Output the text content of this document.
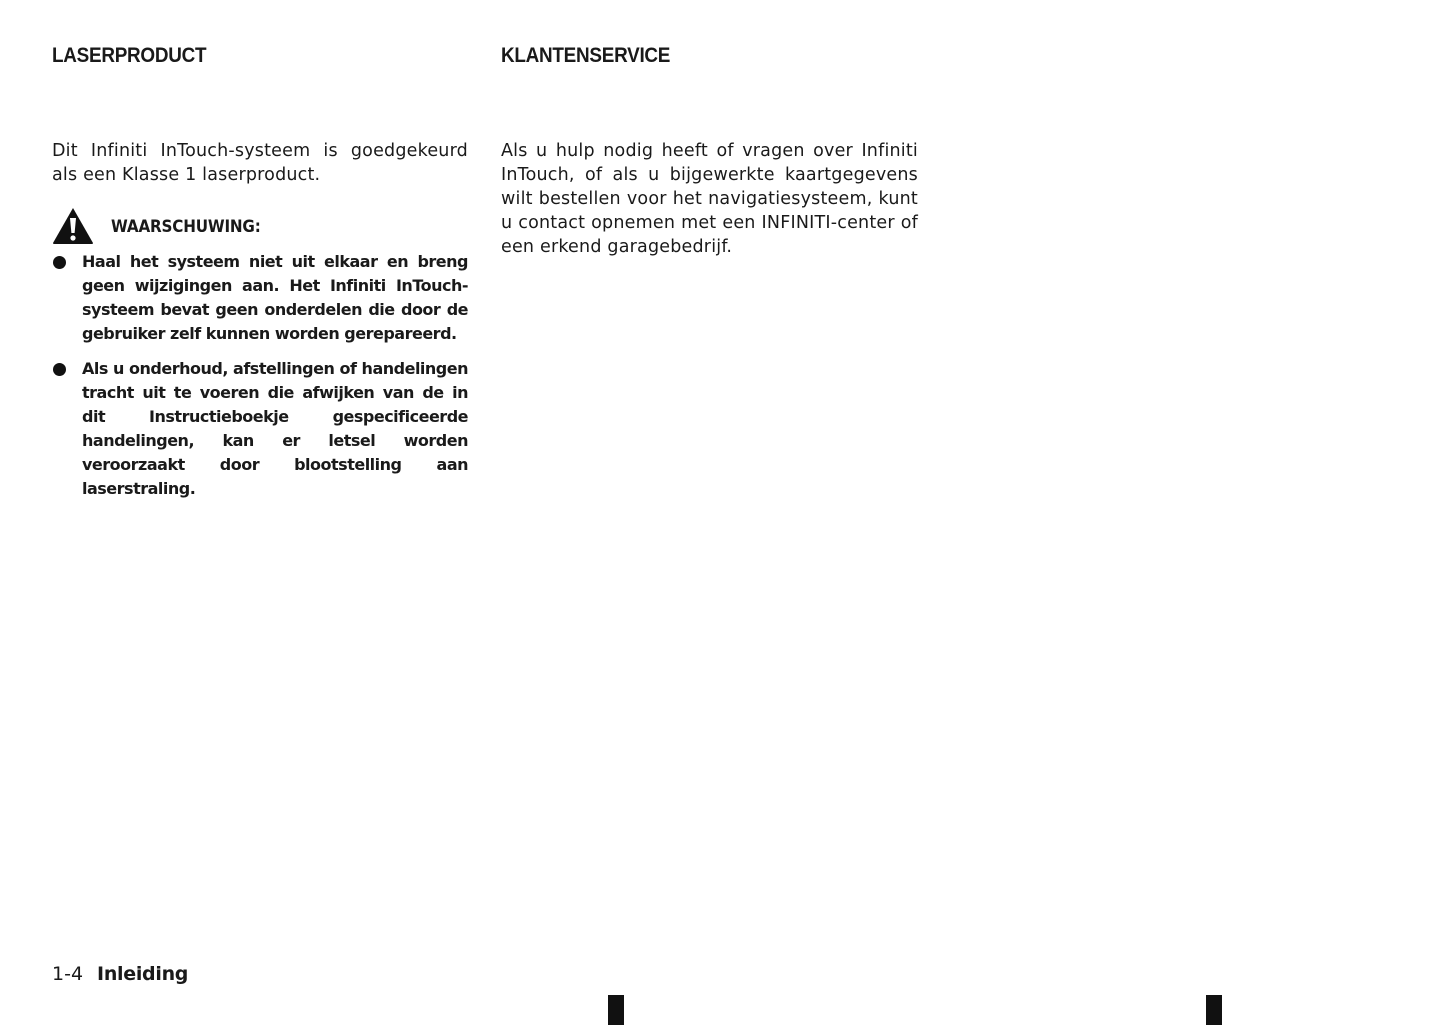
LASERPRODUCT

Dit Infiniti InTouch-systeem is goedgekeurd als een Klasse 1 laserproduct.

WAARSCHUWING:
Haal het systeem niet uit elkaar en breng geen wijzigingen aan. Het Infiniti InTouch-systeem bevat geen onderdelen die door de gebruiker zelf kunnen worden gerepareerd.
Als u onderhoud, afstellingen of handelingen tracht uit te voeren die afwijken van de in dit Instructieboekje gespecificeerde handelingen, kan er letsel worden veroorzaakt door blootstelling aan laserstraling.
KLANTENSERVICE

Als u hulp nodig heeft of vragen over Infiniti InTouch, of als u bijgewerkte kaartgegevens wilt bestellen voor het navigatiesysteem, kunt u contact opnemen met een INFINITI-center of een erkend garagebedrijf.

1-4 Inleiding
